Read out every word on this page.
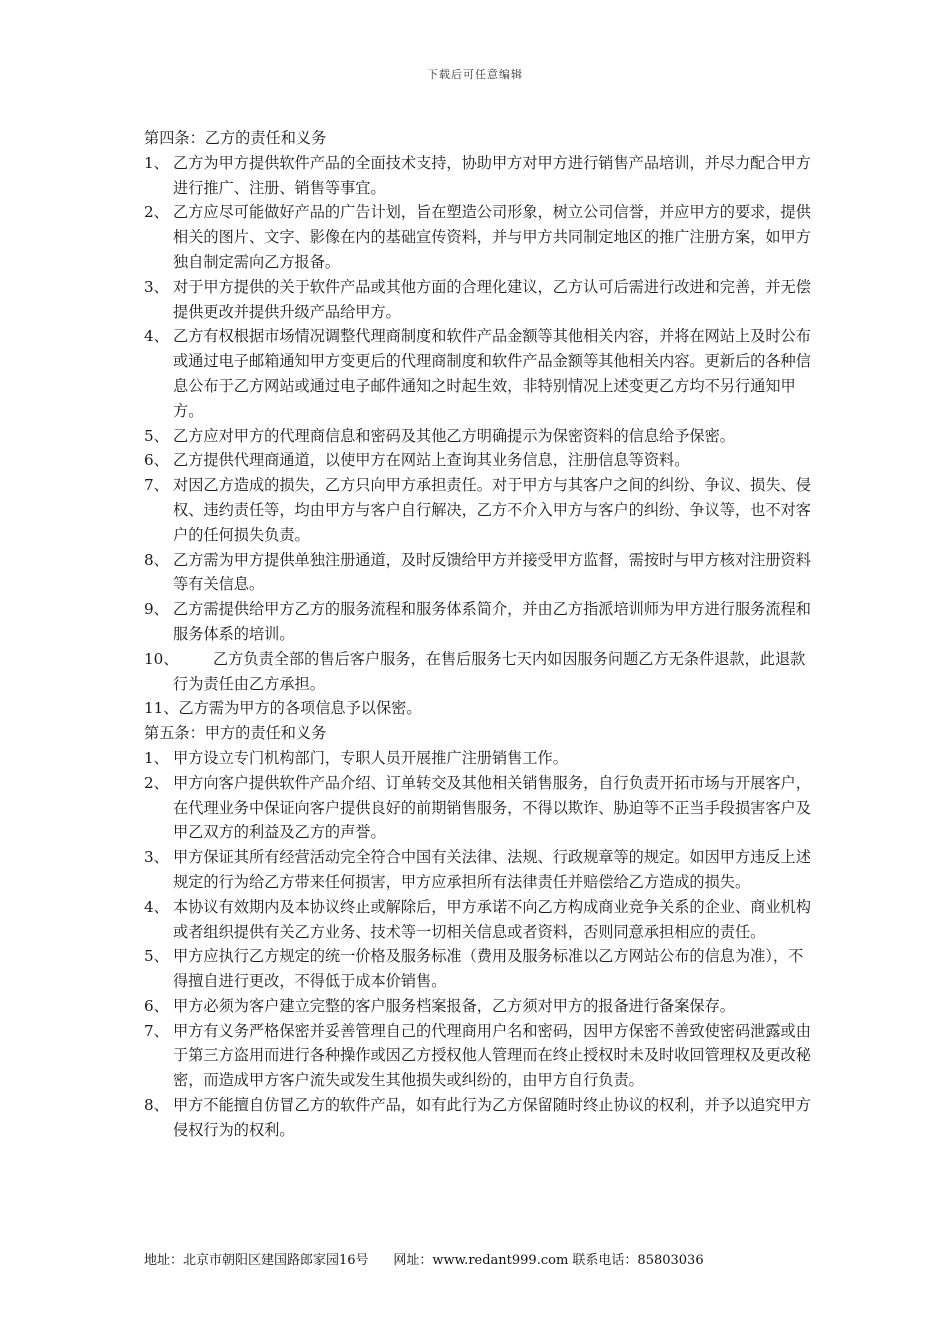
下载后可任意编辑

第四条：乙方的责任和义务

1、 乙方为甲方提供软件产品的全面技术支持，协助甲方对甲方进行销售产品培训，并尽力配合甲方进行推广、注册、销售等事宜。

2、 乙方应尽可能做好产品的广告计划，旨在塑造公司形象，树立公司信誉，并应甲方的要求，提供相关的图片、文字、影像在内的基础宣传资料，并与甲方共同制定地区的推广注册方案，如甲方独自制定需向乙方报备。

3、 对于甲方提供的关于软件产品或其他方面的合理化建议，乙方认可后需进行改进和完善，并无偿提供更改并提供升级产品给甲方。

4、 乙方有权根据市场情况调整代理商制度和软件产品金额等其他相关内容，并将在网站上及时公布或通过电子邮箱通知甲方变更后的代理商制度和软件产品金额等其他相关内容。更新后的各种信息公布于乙方网站或通过电子邮件通知之时起生效，非特别情况上述变更乙方均不另行通知甲方。

5、 乙方应对甲方的代理商信息和密码及其他乙方明确提示为保密资料的信息给予保密。

6、 乙方提供代理商通道，以使甲方在网站上查询其业务信息，注册信息等资料。

7、 对因乙方造成的损失，乙方只向甲方承担责任。对于甲方与其客户之间的纠纷、争议、损失、侵权、违约责任等，均由甲方与客户自行解决，乙方不介入甲方与客户的纠纷、争议等，也不对客户的任何损失负责。

8、 乙方需为甲方提供单独注册通道，及时反馈给甲方并接受甲方监督，需按时与甲方核对注册资料等有关信息。

9、 乙方需提供给甲方乙方的服务流程和服务体系简介，并由乙方指派培训师为甲方进行服务流程和服务体系的培训。

10、	乙方负责全部的售后客户服务，在售后服务七天内如因服务问题乙方无条件退款，此退款行为责任由乙方承担。

11、乙方需为甲方的各项信息予以保密。

第五条：甲方的责任和义务

1、 甲方设立专门机构部门，专职人员开展推广注册销售工作。

2、 甲方向客户提供软件产品介绍、订单转交及其他相关销售服务，自行负责开拓市场与开展客户，在代理业务中保证向客户提供良好的前期销售服务，不得以欺诈、胁迫等不正当手段损害客户及甲乙双方的利益及乙方的声誉。

3、 甲方保证其所有经营活动完全符合中国有关法律、法规、行政规章等的规定。如因甲方违反上述规定的行为给乙方带来任何损害，甲方应承担所有法律责任并赔偿给乙方造成的损失。

4、 本协议有效期内及本协议终止或解除后，甲方承诺不向乙方构成商业竞争关系的企业、商业机构或者组织提供有关乙方业务、技术等一切相关信息或者资料，否则同意承担相应的责任。

5、 甲方应执行乙方规定的统一价格及服务标准（费用及服务标准以乙方网站公布的信息为准），不得擅自进行更改，不得低于成本价销售。

6、 甲方必须为客户建立完整的客户服务档案报备，乙方须对甲方的报备进行备案保存。

7、 甲方有义务严格保密并妥善管理自己的代理商用户名和密码，因甲方保密不善致使密码泄露或由于第三方盗用而进行各种操作或因乙方授权他人管理而在终止授权时未及时收回管理权及更改秘密，而造成甲方客户流失或发生其他损失或纠纷的，由甲方自行负责。

8、 甲方不能擅自仿冒乙方的软件产品，如有此行为乙方保留随时终止协议的权利，并予以追究甲方侵权行为的权利。

地址：北京市朝阳区建国路郎家园16号 网址：www.redant999.com 联系电话：85803036
